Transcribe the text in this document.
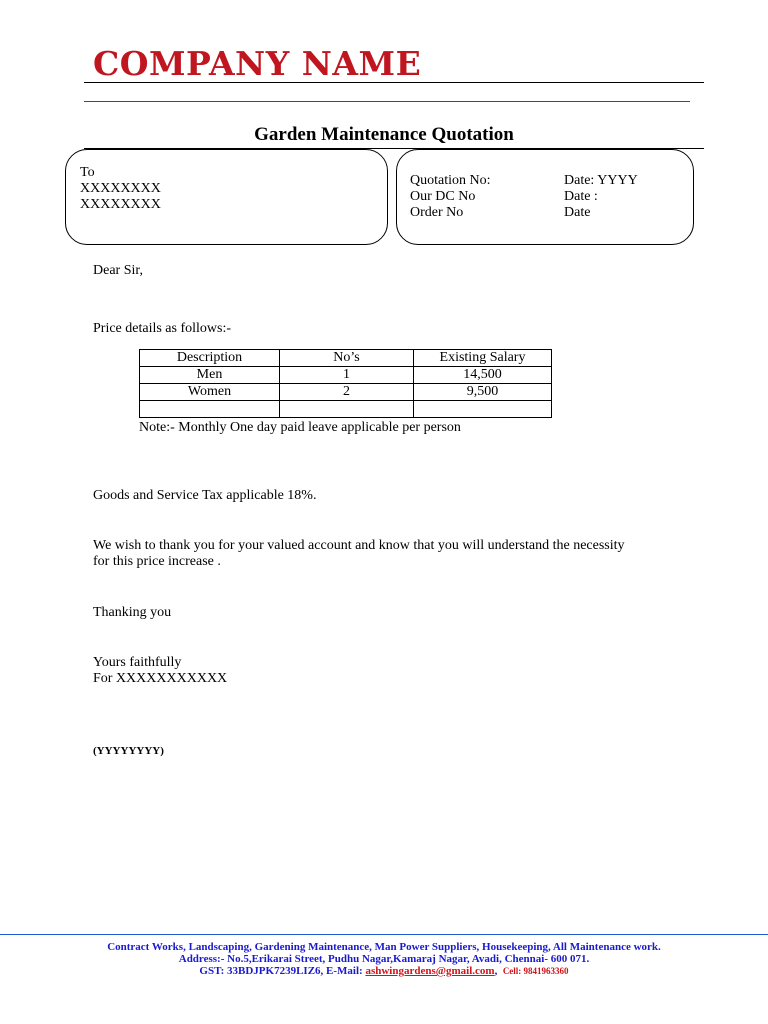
COMPANY NAME
Garden Maintenance Quotation
To
XXXXXXXX
XXXXXXXX
Quotation No:	Date: YYYY
Our DC No	Date :
Order No	Date
Dear Sir,
Price details as follows:-
Description	No’s	Existing Salary
Men	1	14,500
Women	2	9,500

Note:- Monthly One day paid leave applicable per person
Goods and Service Tax applicable 18%.
We wish to thank you for your valued account and know that you will understand the necessity
for this price increase .
Thanking you
Yours faithfully
For XXXXXXXXXXX
(YYYYYYYY)
Contract Works, Landscaping, Gardening Maintenance, Man Power Suppliers, Housekeeping, All Maintenance work.
Address:- No.5,Erikarai Street, Pudhu Nagar,Kamaraj Nagar, Avadi, Chennai- 600 071.
GST: 33BDJPK7239LIZ6, E-Mail: ashwingardens@gmail.com, Cell: 9841963360
